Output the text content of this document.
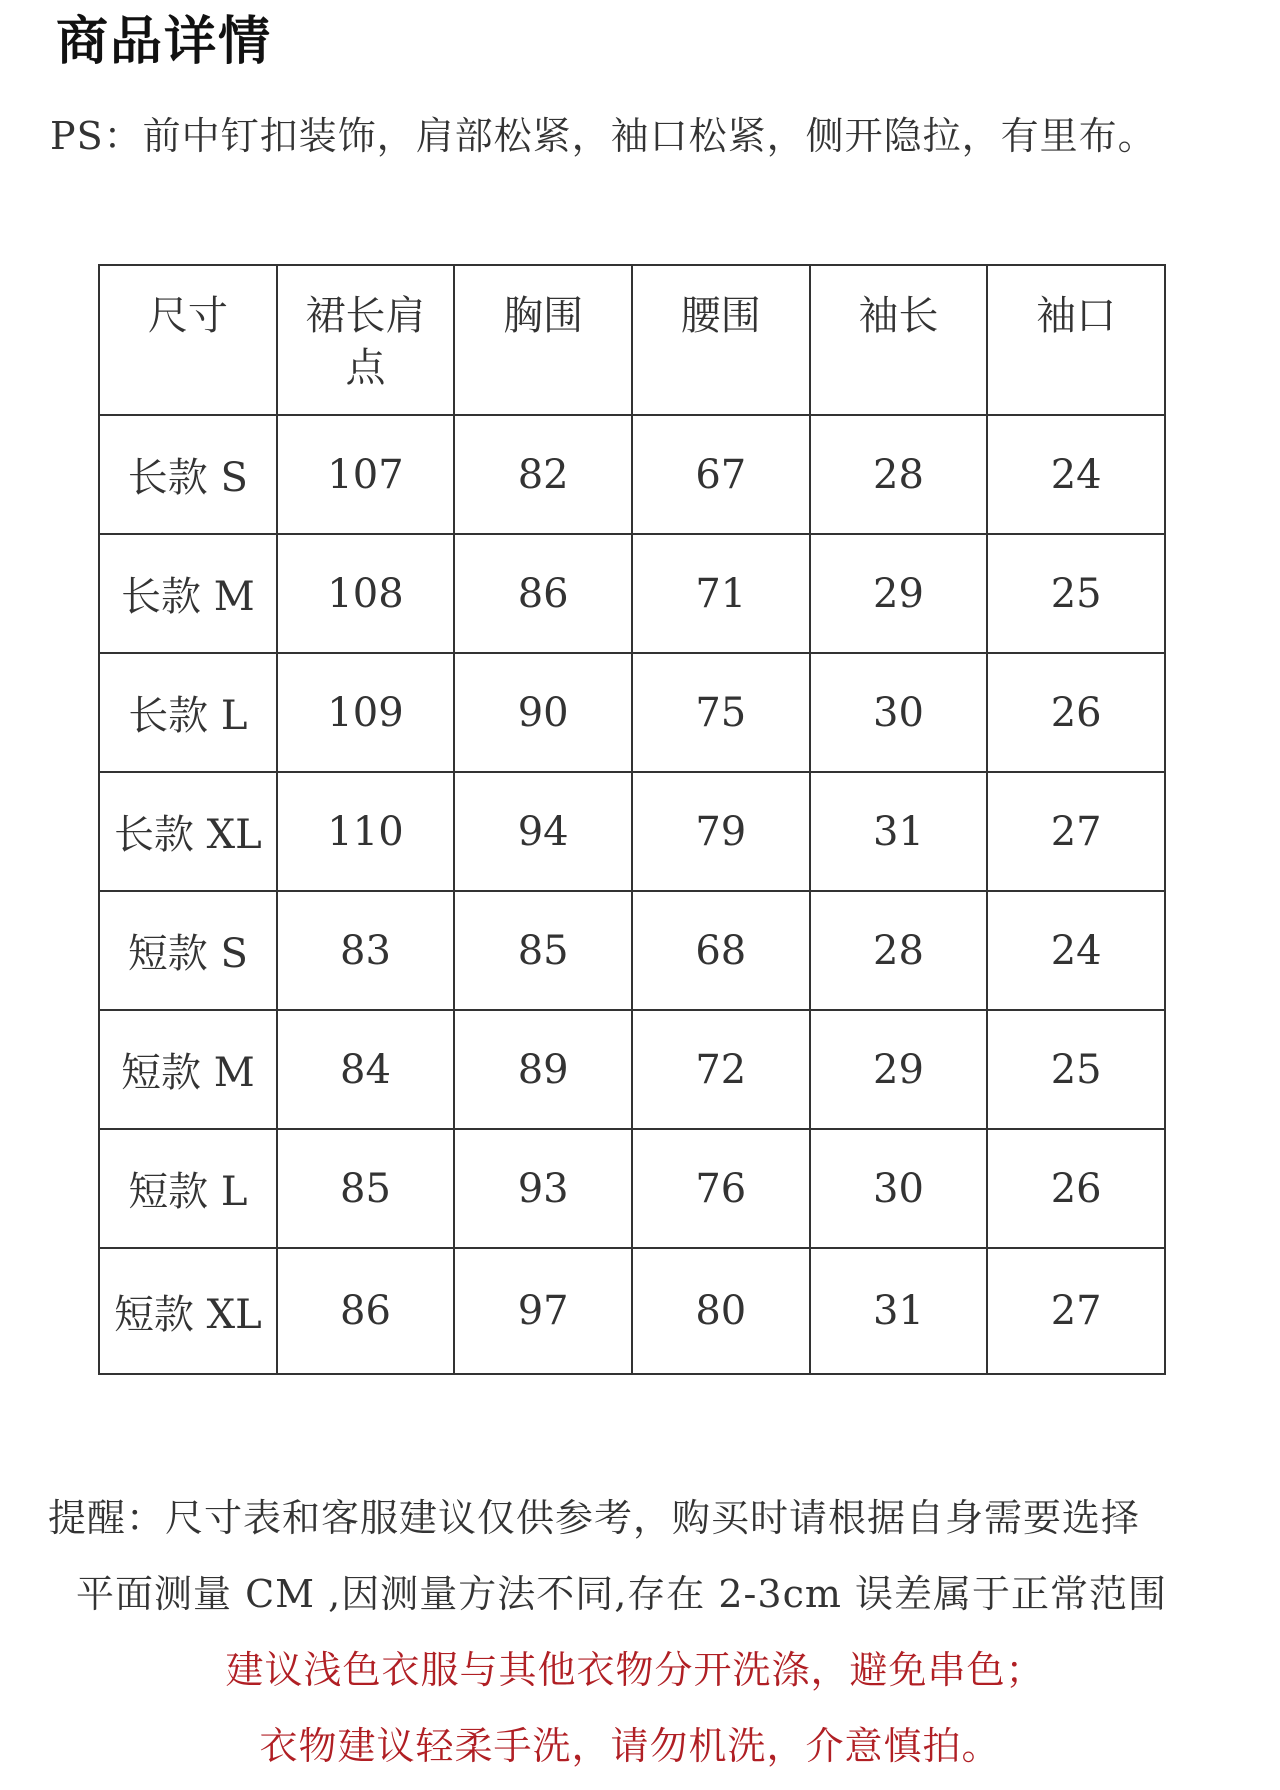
商品详情
PS：前中钉扣装饰，肩部松紧，袖口松紧，侧开隐拉，有里布。
尺寸	裙长肩点	胸围	腰围	袖长	袖口
长款 S	107	82	67	28	24
长款 M	108	86	71	29	25
长款 L	109	90	75	30	26
长款 XL	110	94	79	31	27
短款 S	83	85	68	28	24
短款 M	84	89	72	29	25
短款 L	85	93	76	30	26
短款 XL	86	97	80	31	27
提醒：尺寸表和客服建议仅供参考，购买时请根据自身需要选择
平面测量 CM ,因测量方法不同,存在 2-3cm 误差属于正常范围
建议浅色衣服与其他衣物分开洗涤，避免串色；
衣物建议轻柔手洗，请勿机洗，介意慎拍。
